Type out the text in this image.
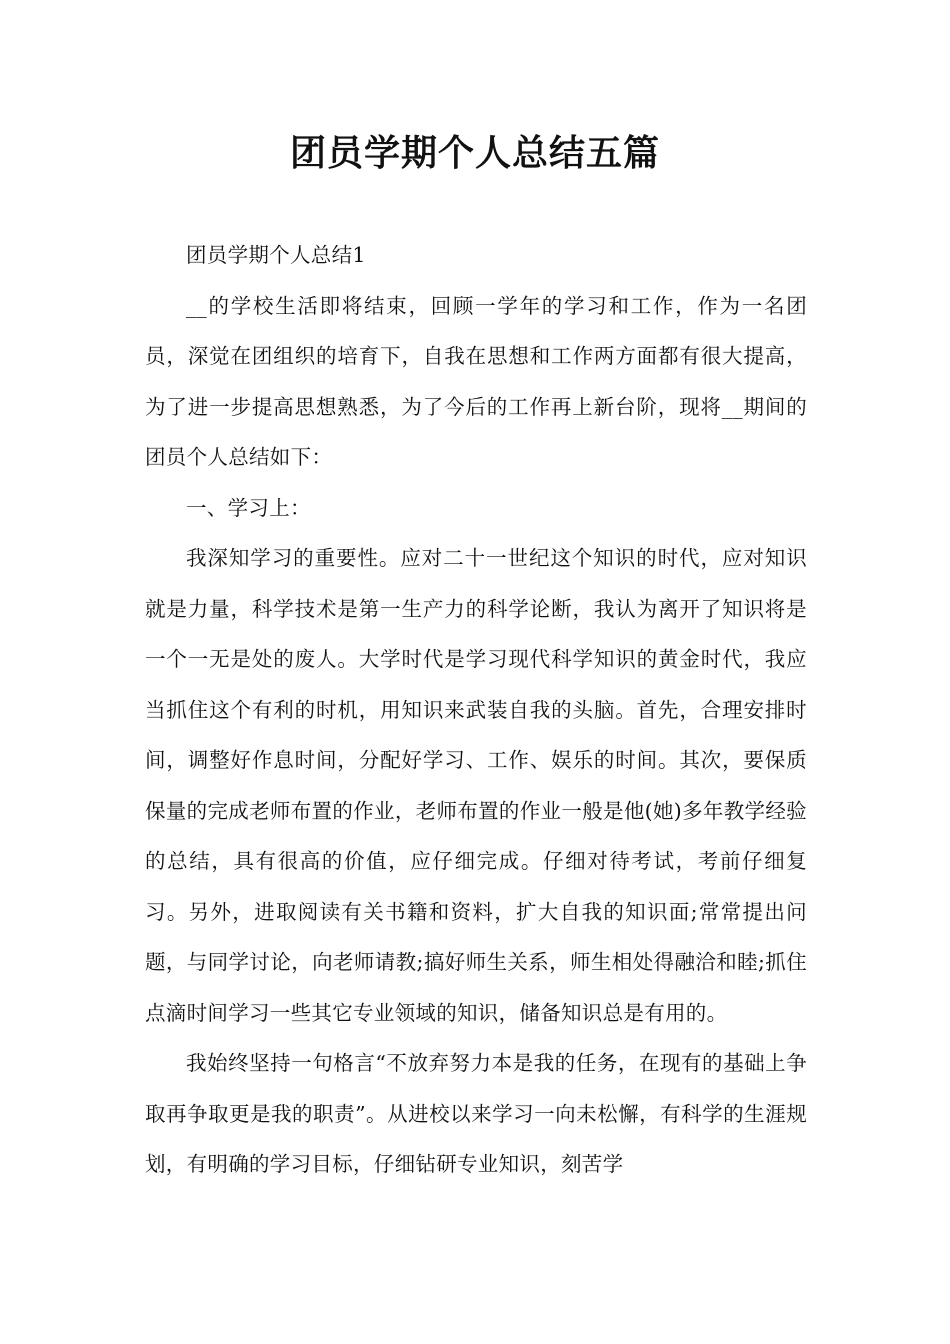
团员学期个人总结五篇

团员学期个人总结1

__的学校生活即将结束，回顾一学年的学习和工作，作为一名团员，深觉在团组织的培育下，自我在思想和工作两方面都有很大提高，为了进一步提高思想熟悉，为了今后的工作再上新台阶，现将__期间的团员个人总结如下：

一、学习上：

我深知学习的重要性。应对二十一世纪这个知识的时代，应对知识就是力量，科学技术是第一生产力的科学论断，我认为离开了知识将是一个一无是处的废人。大学时代是学习现代科学知识的黄金时代，我应当抓住这个有利的时机，用知识来武装自我的头脑。首先，合理安排时间，调整好作息时间，分配好学习、工作、娱乐的时间。其次，要保质保量的完成老师布置的作业，老师布置的作业一般是他(她)多年教学经验的总结，具有很高的价值，应仔细完成。仔细对待考试，考前仔细复习。另外，进取阅读有关书籍和资料，扩大自我的知识面;常常提出问题，与同学讨论，向老师请教;搞好师生关系，师生相处得融洽和睦;抓住点滴时间学习一些其它专业领域的知识，储备知识总是有用的。

我始终坚持一句格言“不放弃努力本是我的任务，在现有的基础上争取再争取更是我的职责”。从进校以来学习一向未松懈，有科学的生涯规划，有明确的学习目标，仔细钻研专业知识，刻苦学
